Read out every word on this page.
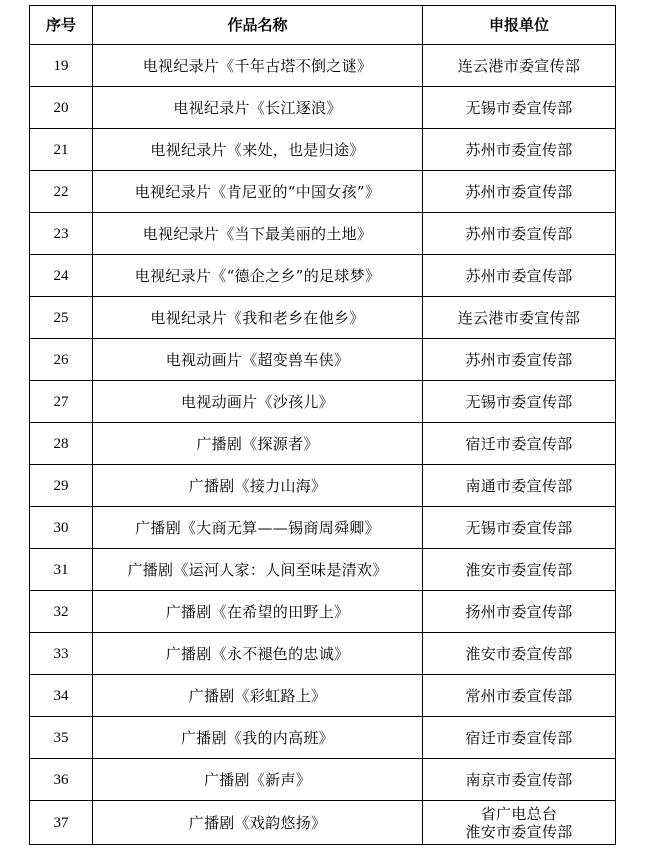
序号	作品名称	申报单位
19	电视纪录片《千年古塔不倒之谜》	连云港市委宣传部
20	电视纪录片《长江逐浪》	无锡市委宣传部
21	电视纪录片《来处，也是归途》	苏州市委宣传部
22	电视纪录片《肯尼亚的“中国女孩”》	苏州市委宣传部
23	电视纪录片《当下最美丽的土地》	苏州市委宣传部
24	电视纪录片《“德企之乡”的足球梦》	苏州市委宣传部
25	电视纪录片《我和老乡在他乡》	连云港市委宣传部
26	电视动画片《超变兽车侠》	苏州市委宣传部
27	电视动画片《沙孩儿》	无锡市委宣传部
28	广播剧《探源者》	宿迁市委宣传部
29	广播剧《接力山海》	南通市委宣传部
30	广播剧《大商无算——锡商周舜卿》	无锡市委宣传部
31	广播剧《运河人家：人间至味是清欢》	淮安市委宣传部
32	广播剧《在希望的田野上》	扬州市委宣传部
33	广播剧《永不褪色的忠诚》	淮安市委宣传部
34	广播剧《彩虹路上》	常州市委宣传部
35	广播剧《我的内高班》	宿迁市委宣传部
36	广播剧《新声》	南京市委宣传部
37	广播剧《戏韵悠扬》	省广电总台
淮安市委宣传部
